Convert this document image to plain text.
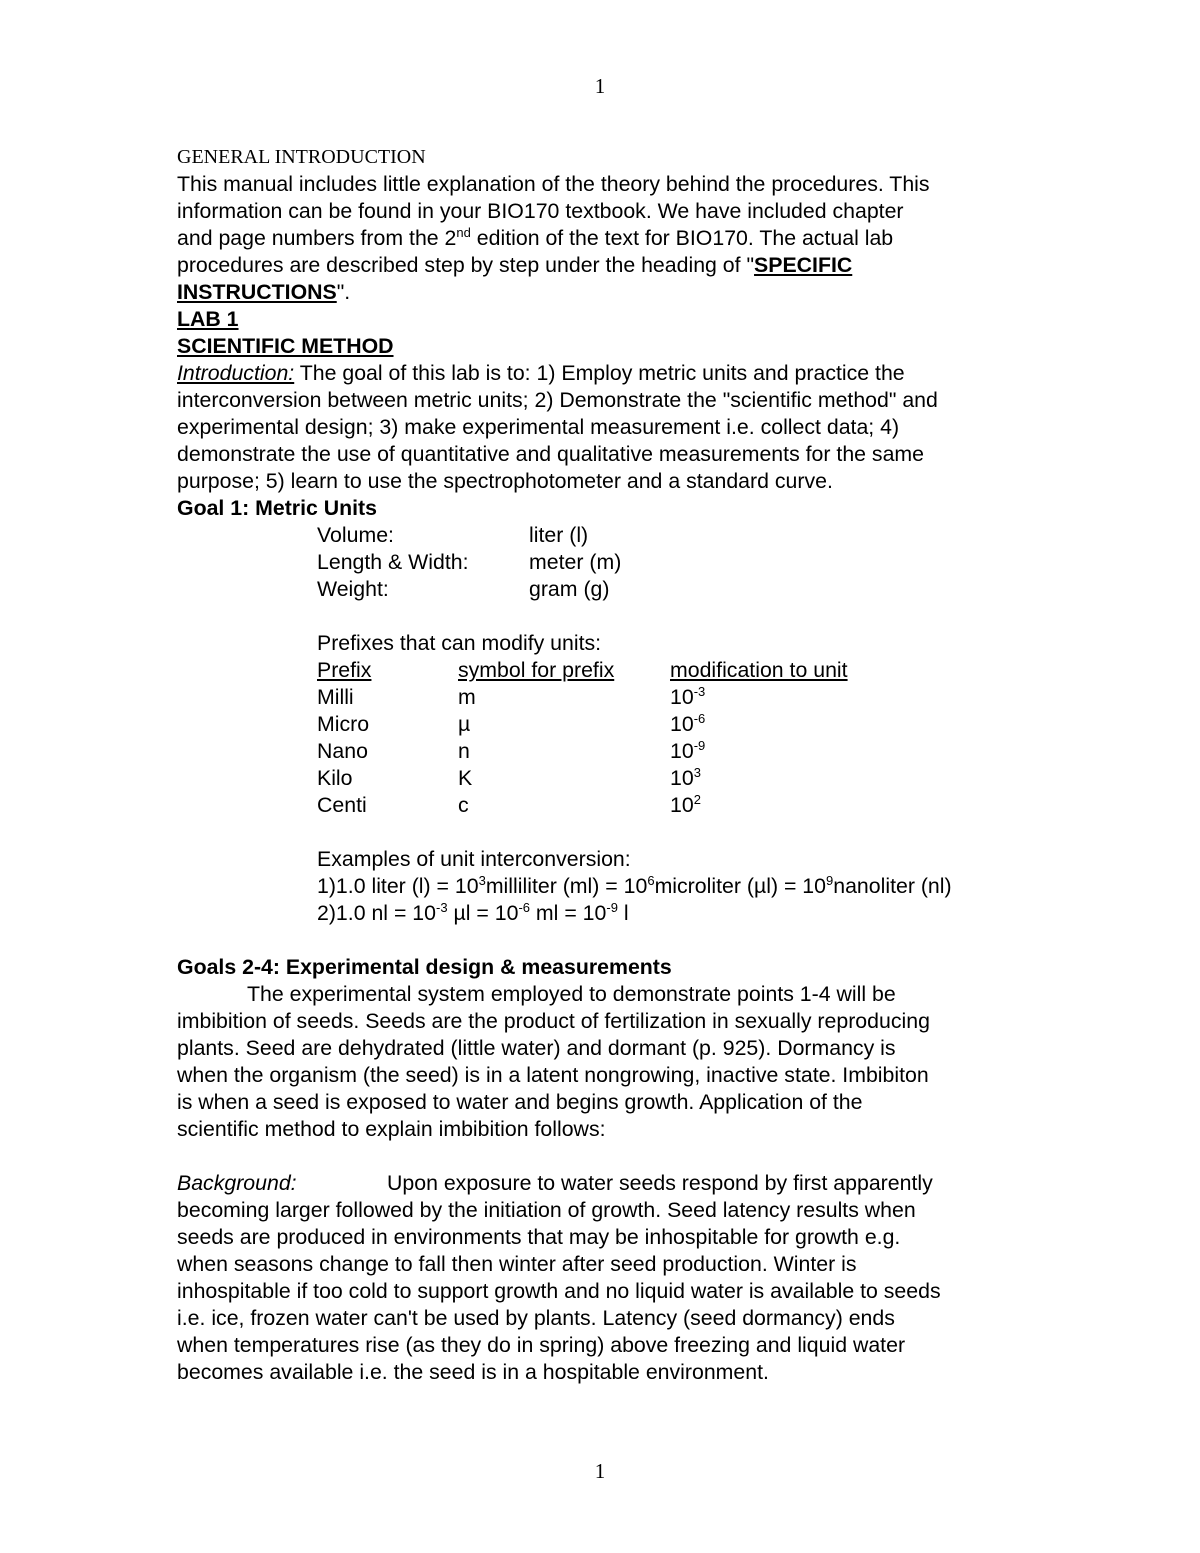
1
GENERAL INTRODUCTION
This manual includes little explanation of the theory behind the procedures. This
information can be found in your BIO170 textbook. We have included chapter
and page numbers from the 2nd edition of the text for BIO170. The actual lab
procedures are described step by step under the heading of "SPECIFIC
INSTRUCTIONS".
LAB 1
SCIENTIFIC METHOD
Introduction: The goal of this lab is to: 1) Employ metric units and practice the
interconversion between metric units; 2) Demonstrate the "scientific method" and
experimental design; 3) make experimental measurement i.e. collect data; 4)
demonstrate the use of quantitative and qualitative measurements for the same
purpose; 5) learn to use the spectrophotometer and a standard curve.
Goal 1: Metric Units
Volume:	liter (l)
Length & Width:	meter (m)
Weight:	gram (g)
Prefixes that can modify units:
Prefix	symbol for prefix	modification to unit
Milli	m	$10^{-3}$
Micro	µ	$10^{-6}$
Nano	n	$10^{-9}$
Kilo	K	$10^3$
Centi	c	$10^2$
Examples of unit interconversion:
1)1.0 liter $(l) = 10^3milliliter$ $(ml) = 10^6microliter$ $(\mu l) = 10^9nanoliter$ (nl)
2)1.0 nl = $10^{-3}$ $\mu l = 10^{-6}$ ml = $10^{-9}$ l
Goals 2-4: Experimental design & measurements
The experimental system employed to demonstrate points 1-4 will be
imbibition of seeds. Seeds are the product of fertilization in sexually reproducing
plants. Seed are dehydrated (little water) and dormant (p. 925). Dormancy is
when the organism (the seed) is in a latent nongrowing, inactive state. Imbibiton
is when a seed is exposed to water and begins growth. Application of the
scientific method to explain imbibition follows:
Background:	Upon exposure to water seeds respond by first apparently
becoming larger followed by the initiation of growth. Seed latency results when
seeds are produced in environments that may be inhospitable for growth e.g.
when seasons change to fall then winter after seed production. Winter is
inhospitable if too cold to support growth and no liquid water is available to seeds
i.e. ice, frozen water can't be used by plants. Latency (seed dormancy) ends
when temperatures rise (as they do in spring) above freezing and liquid water
becomes available i.e. the seed is in a hospitable environment.
1
